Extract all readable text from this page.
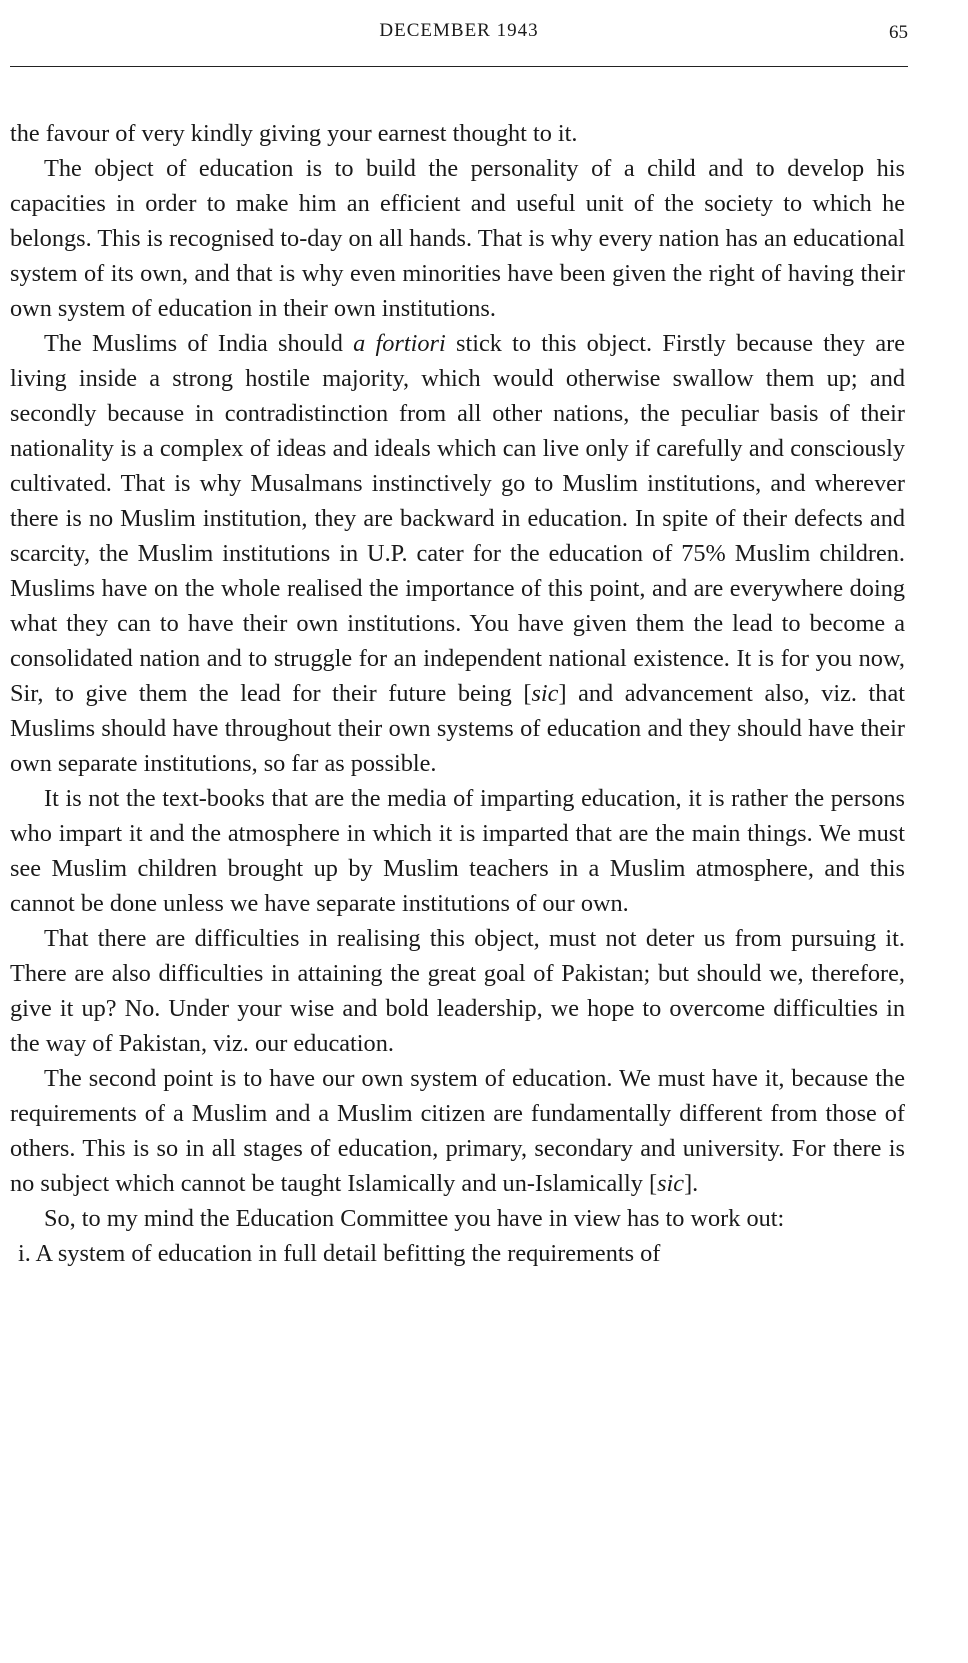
DECEMBER 1943	65

the favour of very kindly giving your earnest thought to it.

The object of education is to build the personality of a child and to develop his capacities in order to make him an efficient and useful unit of the society to which he belongs. This is recognised to-day on all hands. That is why every nation has an educational system of its own, and that is why even minorities have been given the right of having their own system of education in their own institutions.

The Muslims of India should a fortiori stick to this object. Firstly because they are living inside a strong hostile majority, which would otherwise swallow them up; and secondly because in contradistinction from all other nations, the peculiar basis of their nationality is a complex of ideas and ideals which can live only if carefully and consciously cultivated. That is why Musalmans instinctively go to Muslim institutions, and wherever there is no Muslim institution, they are backward in education. In spite of their defects and scarcity, the Muslim institutions in U.P. cater for the education of 75% Muslim children. Muslims have on the whole realised the importance of this point, and are everywhere doing what they can to have their own institutions. You have given them the lead to become a consolidated nation and to struggle for an independent national existence. It is for you now, Sir, to give them the lead for their future being [sic] and advancement also, viz. that Muslims should have throughout their own systems of education and they should have their own separate institutions, so far as possible.

It is not the text-books that are the media of imparting education, it is rather the persons who impart it and the atmosphere in which it is imparted that are the main things. We must see Muslim children brought up by Muslim teachers in a Muslim atmosphere, and this cannot be done unless we have separate institutions of our own.

That there are difficulties in realising this object, must not deter us from pursuing it. There are also difficulties in attaining the great goal of Pakistan; but should we, therefore, give it up? No. Under your wise and bold leadership, we hope to overcome difficulties in the way of Pakistan, viz. our education.

The second point is to have our own system of education. We must have it, because the requirements of a Muslim and a Muslim citizen are fundamentally different from those of others. This is so in all stages of education, primary, secondary and university. For there is no subject which cannot be taught Islamically and un-Islamically [sic].

So, to my mind the Education Committee you have in view has to work out:

i. A system of education in full detail befitting the requirements of
